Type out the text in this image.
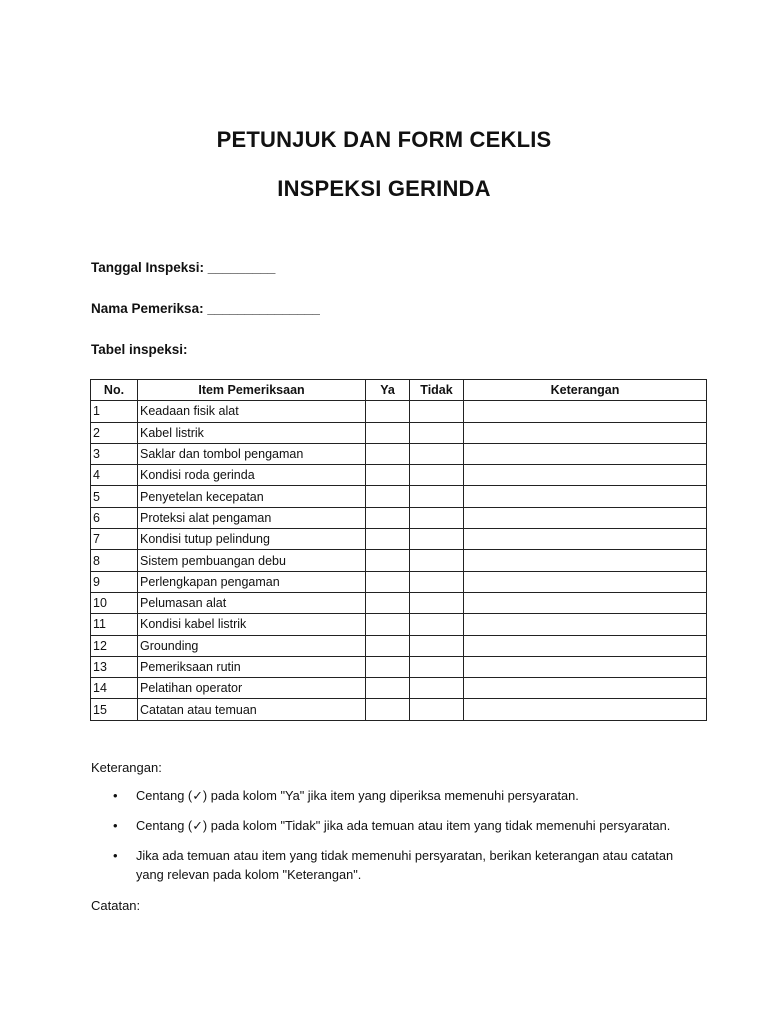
PETUNJUK DAN FORM CEKLIS
INSPEKSI GERINDA

Tanggal Inspeksi: _________

Nama Pemeriksa: _______________

Tabel inspeksi:

No.	Item Pemeriksaan	Ya	Tidak	Keterangan
1	Keadaan fisik alat			
2	Kabel listrik			
3	Saklar dan tombol pengaman			
4	Kondisi roda gerinda			
5	Penyetelan kecepatan			
6	Proteksi alat pengaman			
7	Kondisi tutup pelindung			
8	Sistem pembuangan debu			
9	Perlengkapan pengaman			
10	Pelumasan alat			
11	Kondisi kabel listrik			
12	Grounding			
13	Pemeriksaan rutin			
14	Pelatihan operator			
15	Catatan atau temuan			

Keterangan:

• Centang (✓) pada kolom "Ya" jika item yang diperiksa memenuhi persyaratan.
• Centang (✓) pada kolom "Tidak" jika ada temuan atau item yang tidak memenuhi persyaratan.
• Jika ada temuan atau item yang tidak memenuhi persyaratan, berikan keterangan atau catatan yang relevan pada kolom "Keterangan".

Catatan:
